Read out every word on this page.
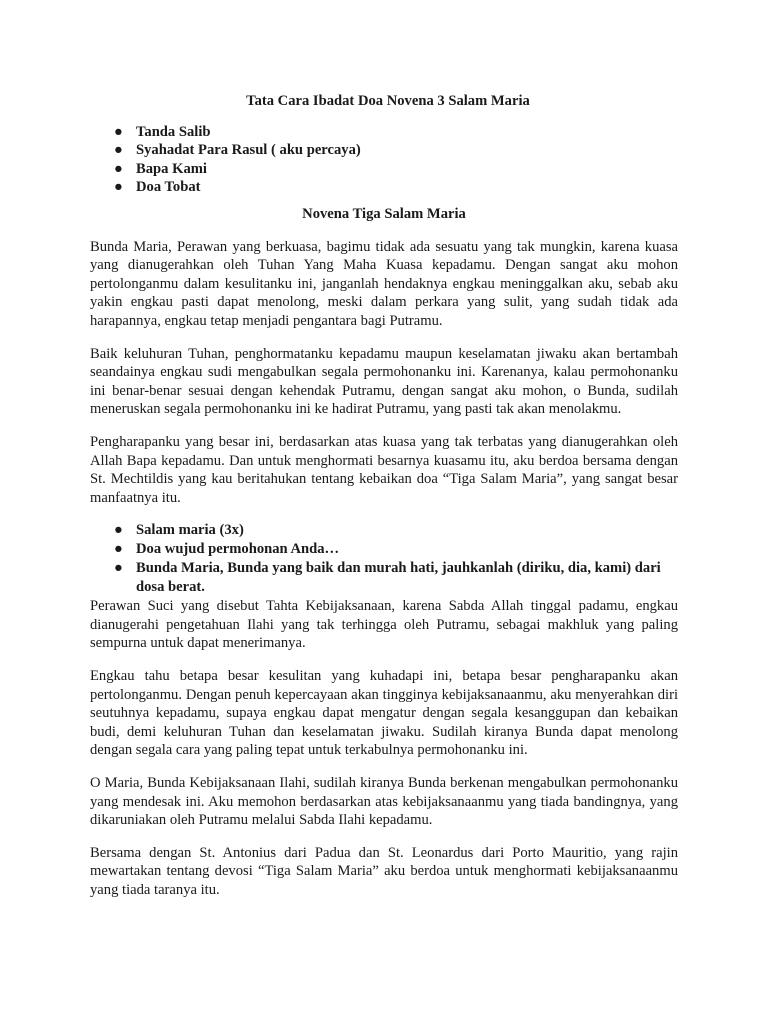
Tata Cara Ibadat Doa Novena 3 Salam Maria
● Tanda Salib
● Syahadat Para Rasul ( aku percaya)
● Bapa Kami
● Doa Tobat
Novena Tiga Salam Maria

Bunda Maria, Perawan yang berkuasa, bagimu tidak ada sesuatu yang tak mungkin, karena kuasa yang dianugerahkan oleh Tuhan Yang Maha Kuasa kepadamu. Dengan sangat aku mohon pertolonganmu dalam kesulitanku ini, janganlah hendaknya engkau meninggalkan aku, sebab aku yakin engkau pasti dapat menolong, meski dalam perkara yang sulit, yang sudah tidak ada harapannya, engkau tetap menjadi pengantara bagi Putramu.

Baik keluhuran Tuhan, penghormatanku kepadamu maupun keselamatan jiwaku akan bertambah seandainya engkau sudi mengabulkan segala permohonanku ini. Karenanya, kalau permohonanku ini benar-benar sesuai dengan kehendak Putramu, dengan sangat aku mohon, o Bunda, sudilah meneruskan segala permohonanku ini ke hadirat Putramu, yang pasti tak akan menolakmu.

Pengharapanku yang besar ini, berdasarkan atas kuasa yang tak terbatas yang dianugerahkan oleh Allah Bapa kepadamu. Dan untuk menghormati besarnya kuasamu itu, aku berdoa bersama dengan St. Mechtildis yang kau beritahukan tentang kebaikan doa “Tiga Salam Maria”, yang sangat besar manfaatnya itu.

● Salam maria (3x)
● Doa wujud permohonan Anda…
● Bunda Maria, Bunda yang baik dan murah hati, jauhkanlah (diriku, dia, kami) dari dosa berat.

Perawan Suci yang disebut Tahta Kebijaksanaan, karena Sabda Allah tinggal padamu, engkau dianugerahi pengetahuan Ilahi yang tak terhingga oleh Putramu, sebagai makhluk yang paling sempurna untuk dapat menerimanya.

Engkau tahu betapa besar kesulitan yang kuhadapi ini, betapa besar pengharapanku akan pertolonganmu. Dengan penuh kepercayaan akan tingginya kebijaksanaanmu, aku menyerahkan diri seutuhnya kepadamu, supaya engkau dapat mengatur dengan segala kesanggupan dan kebaikan budi, demi keluhuran Tuhan dan keselamatan jiwaku. Sudilah kiranya Bunda dapat menolong dengan segala cara yang paling tepat untuk terkabulnya permohonanku ini.

O Maria, Bunda Kebijaksanaan Ilahi, sudilah kiranya Bunda berkenan mengabulkan permohonanku yang mendesak ini. Aku memohon berdasarkan atas kebijaksanaanmu yang tiada bandingnya, yang dikaruniakan oleh Putramu melalui Sabda Ilahi kepadamu.

Bersama dengan St. Antonius dari Padua dan St. Leonardus dari Porto Mauritio, yang rajin mewartakan tentang devosi “Tiga Salam Maria” aku berdoa untuk menghormati kebijaksanaanmu yang tiada taranya itu.
